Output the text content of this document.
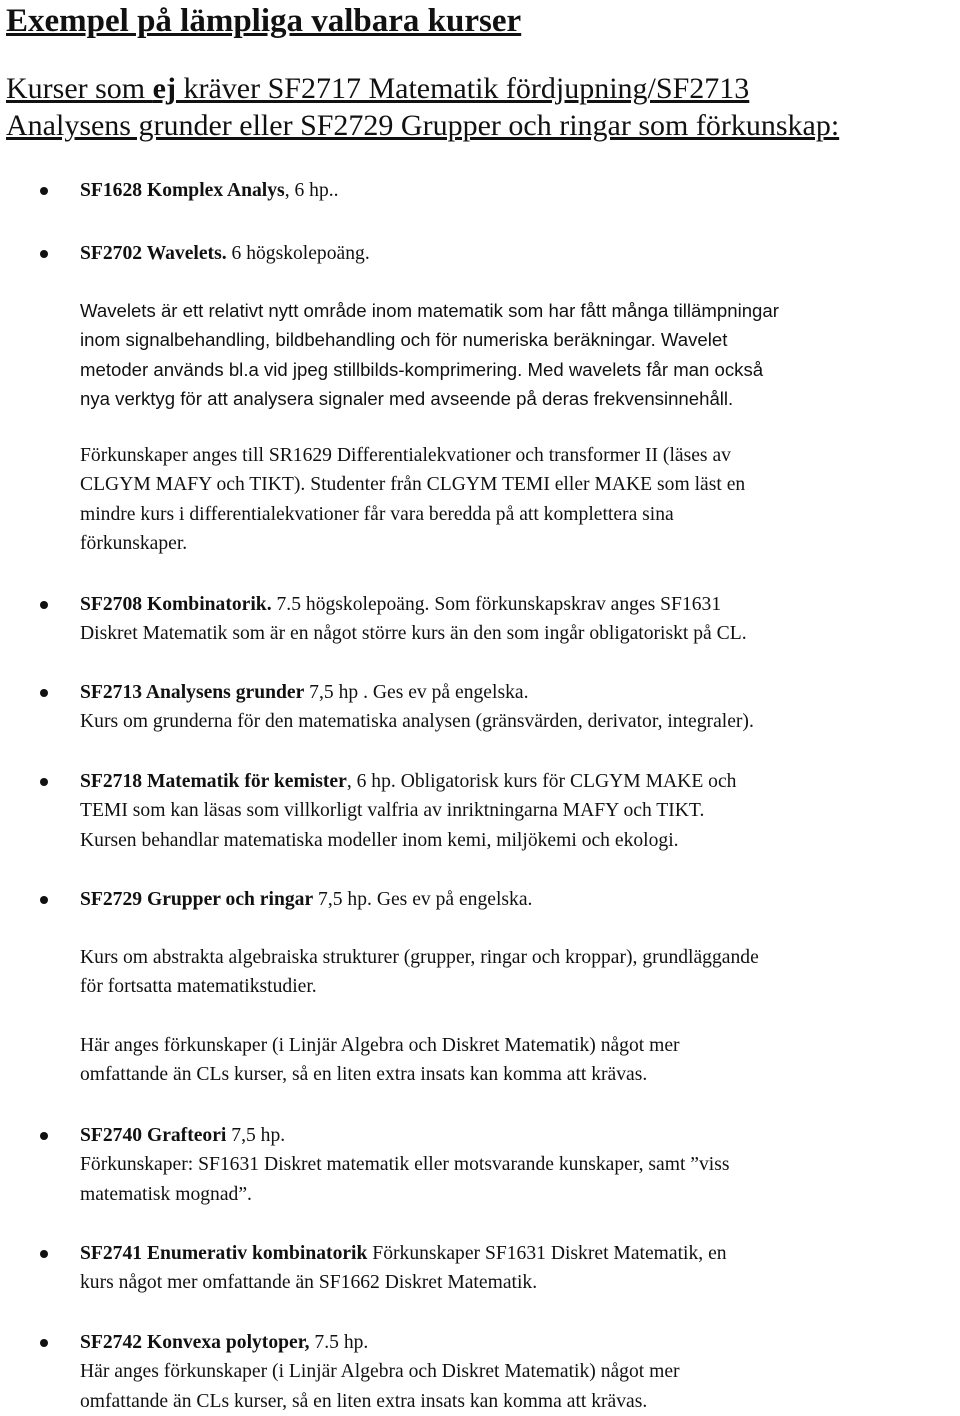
Exempel på lämpliga valbara kurser
Kurser som ej kräver SF2717 Matematik fördjupning/SF2713
Analysens grunder eller SF2729 Grupper och ringar som förkunskap:
SF1628 Komplex Analys, 6 hp..
SF2702 Wavelets. 6 högskolepoäng.
Wavelets är ett relativt nytt område inom matematik som har fått många tillämpningar
inom signalbehandling, bildbehandling och för numeriska beräkningar. Wavelet
metoder används bl.a vid jpeg stillbilds-komprimering. Med wavelets får man också
nya verktyg för att analysera signaler med avseende på deras frekvensinnehåll.
Förkunskaper anges till SR1629 Differentialekvationer och transformer II (läses av
CLGYM MAFY och TIKT). Studenter från CLGYM TEMI eller MAKE som läst en
mindre kurs i differentialekvationer får vara beredda på att komplettera sina
förkunskaper.
SF2708 Kombinatorik. 7.5 högskolepoäng. Som förkunskapskrav anges SF1631
Diskret Matematik som är en något större kurs än den som ingår obligatoriskt på CL.
SF2713 Analysens grunder 7,5 hp . Ges ev på engelska.
Kurs om grunderna för den matematiska analysen (gränsvärden, derivator, integraler).
SF2718 Matematik för kemister, 6 hp. Obligatorisk kurs för CLGYM MAKE och
TEMI som kan läsas som villkorligt valfria av inriktningarna MAFY och TIKT.
Kursen behandlar matematiska modeller inom kemi, miljökemi och ekologi.
SF2729 Grupper och ringar 7,5 hp. Ges ev på engelska.
Kurs om abstrakta algebraiska strukturer (grupper, ringar och kroppar), grundläggande
för fortsatta matematikstudier.
Här anges förkunskaper (i Linjär Algebra och Diskret Matematik) något mer
omfattande än CLs kurser, så en liten extra insats kan komma att krävas.
SF2740 Grafteori 7,5 hp.
Förkunskaper: SF1631 Diskret matematik eller motsvarande kunskaper, samt ”viss
matematisk mognad”.
SF2741 Enumerativ kombinatorik Förkunskaper SF1631 Diskret Matematik, en
kurs något mer omfattande än SF1662 Diskret Matematik.
SF2742 Konvexa polytoper, 7.5 hp.
Här anges förkunskaper (i Linjär Algebra och Diskret Matematik) något mer
omfattande än CLs kurser, så en liten extra insats kan komma att krävas.
